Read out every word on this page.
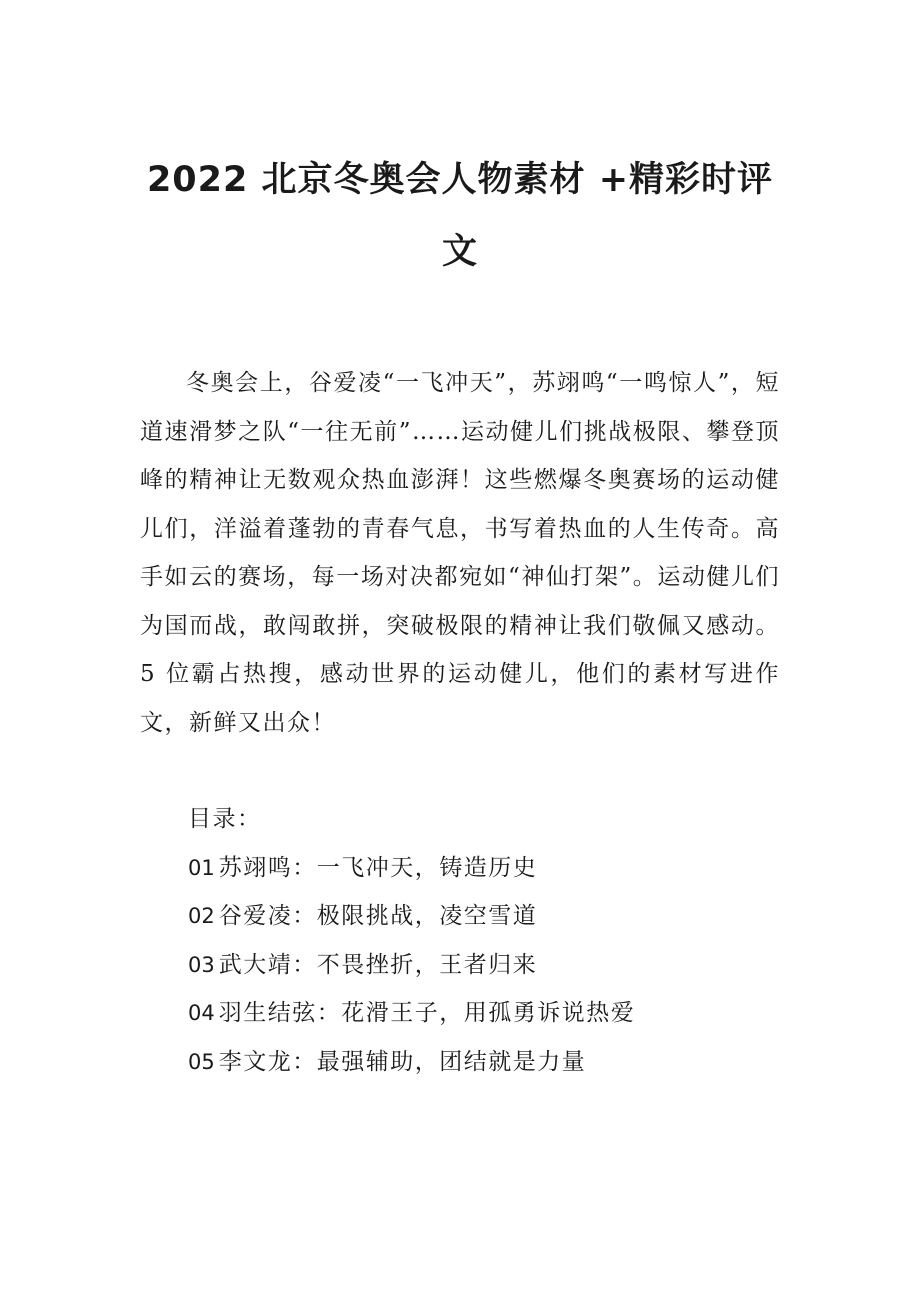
2022 北京冬奥会人物素材 +精彩时评
文

冬奥会上，谷爱凌“一飞冲天”，苏翊鸣“一鸣惊人”，短道速滑梦之队“一往无前”……运动健儿们挑战极限、攀登顶峰的精神让无数观众热血澎湃！这些燃爆冬奥赛场的运动健儿们，洋溢着蓬勃的青春气息，书写着热血的人生传奇。高手如云的赛场，每一场对决都宛如“神仙打架”。运动健儿们为国而战，敢闯敢拼，突破极限的精神让我们敬佩又感动。5 位霸占热搜，感动世界的运动健儿，他们的素材写进作文，新鲜又出众！

目录：
01 苏翊鸣：一飞冲天，铸造历史
02 谷爱凌：极限挑战，凌空雪道
03 武大靖：不畏挫折，王者归来
04 羽生结弦：花滑王子，用孤勇诉说热爱
05 李文龙：最强辅助，团结就是力量
